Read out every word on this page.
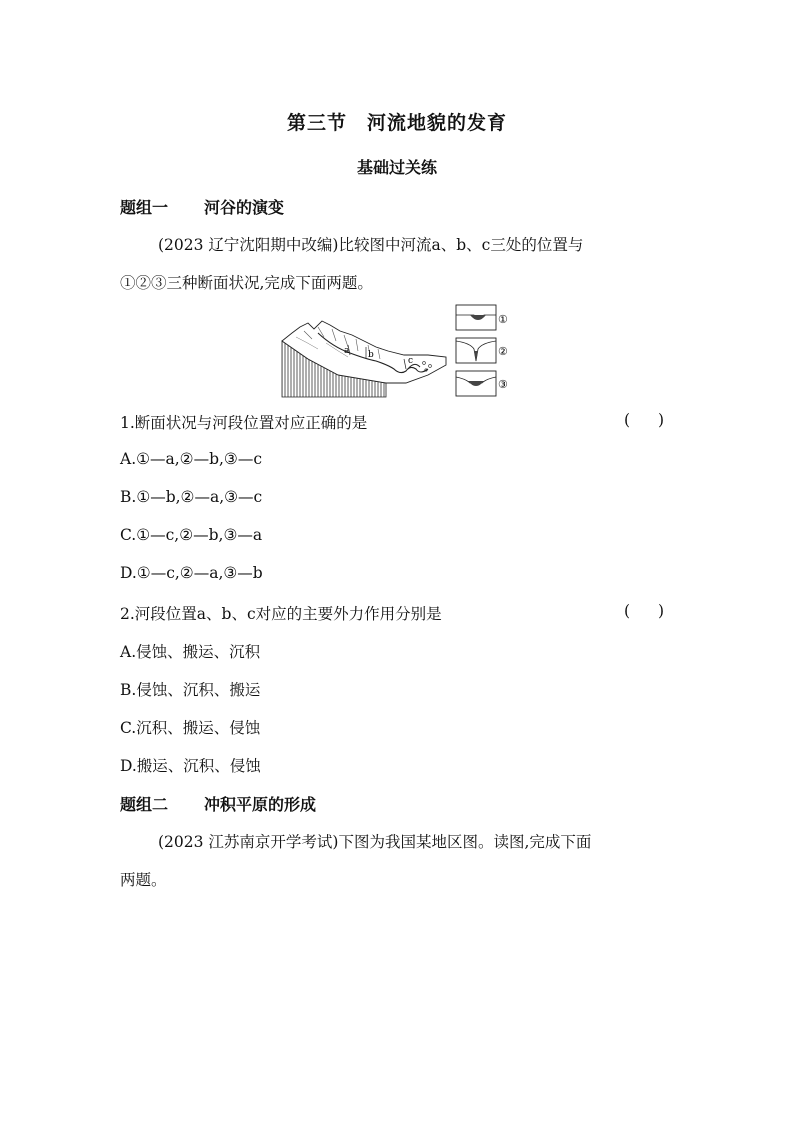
第三节　河流地貌的发育
基础过关练
题组一 河谷的演变
(2023 辽宁沈阳期中改编)比较图中河流a、b、c三处的位置与
①②③三种断面状况,完成下面两题。
a b
c
①
②
③
1.断面状况与河段位置对应正确的是	()
A.①—a,②—b,③—c
B.①—b,②—a,③—c
C.①—c,②—b,③—a
D.①—c,②—a,③—b
2.河段位置a、b、c对应的主要外力作用分别是	()
A.侵蚀、搬运、沉积
B.侵蚀、沉积、搬运
C.沉积、搬运、侵蚀
D.搬运、沉积、侵蚀
题组二 冲积平原的形成
(2023 江苏南京开学考试)下图为我国某地区图。读图,完成下面
两题。
